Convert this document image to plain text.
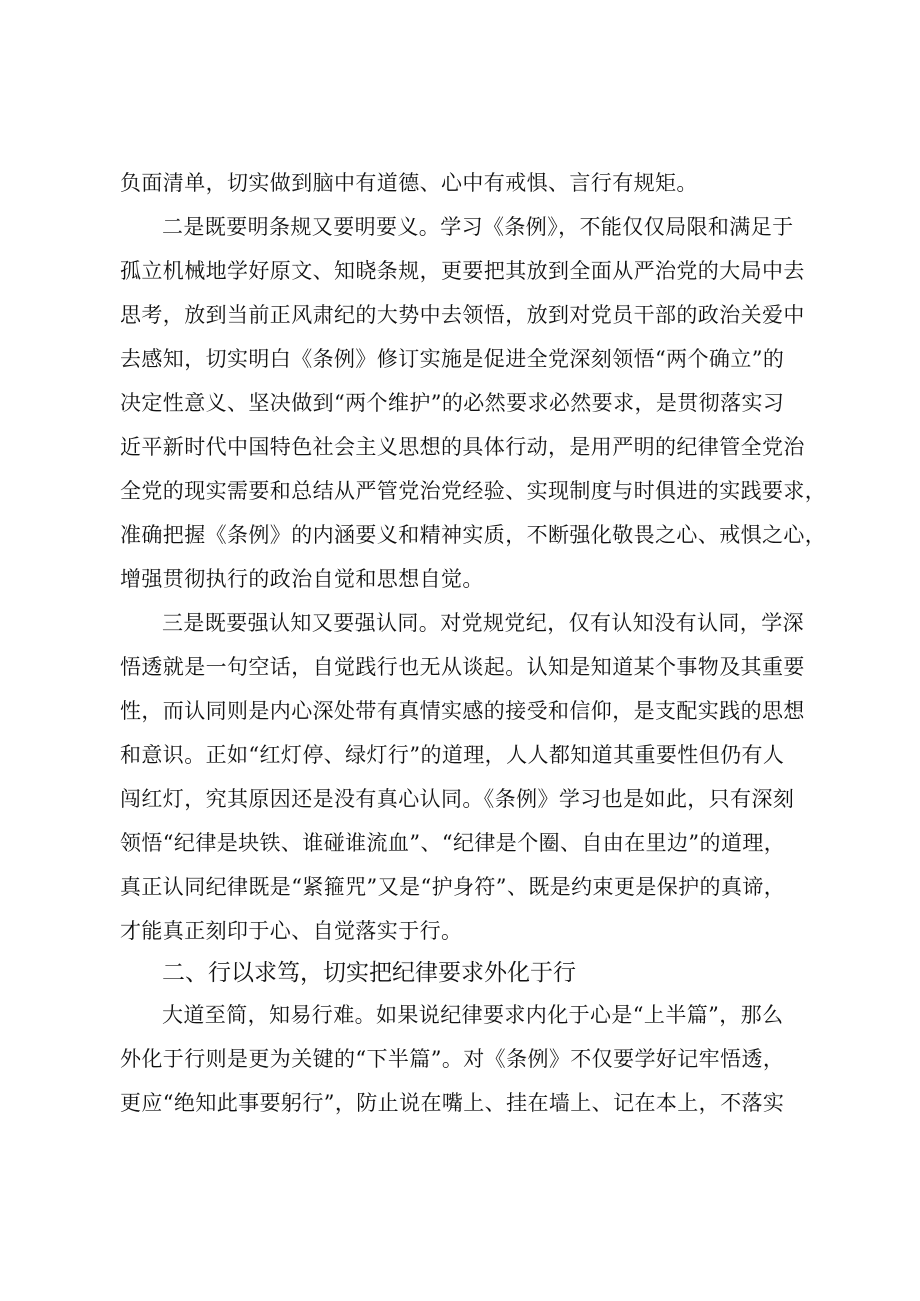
负面清单，切实做到脑中有道德、心中有戒惧、言行有规矩。
二是既要明条规又要明要义。学习《条例》，不能仅仅局限和满足于
孤立机械地学好原文、知晓条规，更要把其放到全面从严治党的大局中去
思考，放到当前正风肃纪的大势中去领悟，放到对党员干部的政治关爱中
去感知，切实明白《条例》修订实施是促进全党深刻领悟“两个确立”的
决定性意义、坚决做到“两个维护”的必然要求必然要求，是贯彻落实习
近平新时代中国特色社会主义思想的具体行动，是用严明的纪律管全党治
全党的现实需要和总结从严管党治党经验、实现制度与时俱进的实践要求，
准确把握《条例》的内涵要义和精神实质，不断强化敬畏之心、戒惧之心，
增强贯彻执行的政治自觉和思想自觉。
三是既要强认知又要强认同。对党规党纪，仅有认知没有认同，学深
悟透就是一句空话，自觉践行也无从谈起。认知是知道某个事物及其重要
性，而认同则是内心深处带有真情实感的接受和信仰，是支配实践的思想
和意识。正如“红灯停、绿灯行”的道理，人人都知道其重要性但仍有人
闯红灯，究其原因还是没有真心认同。《条例》学习也是如此，只有深刻
领悟“纪律是块铁、谁碰谁流血”、“纪律是个圈、自由在里边”的道理，
真正认同纪律既是“紧箍咒”又是“护身符”、既是约束更是保护的真谛，
才能真正刻印于心、自觉落实于行。
二、行以求笃，切实把纪律要求外化于行
大道至简，知易行难。如果说纪律要求内化于心是“上半篇”，那么
外化于行则是更为关键的“下半篇”。对《条例》不仅要学好记牢悟透，
更应“绝知此事要躬行”，防止说在嘴上、挂在墙上、记在本上，不落实
